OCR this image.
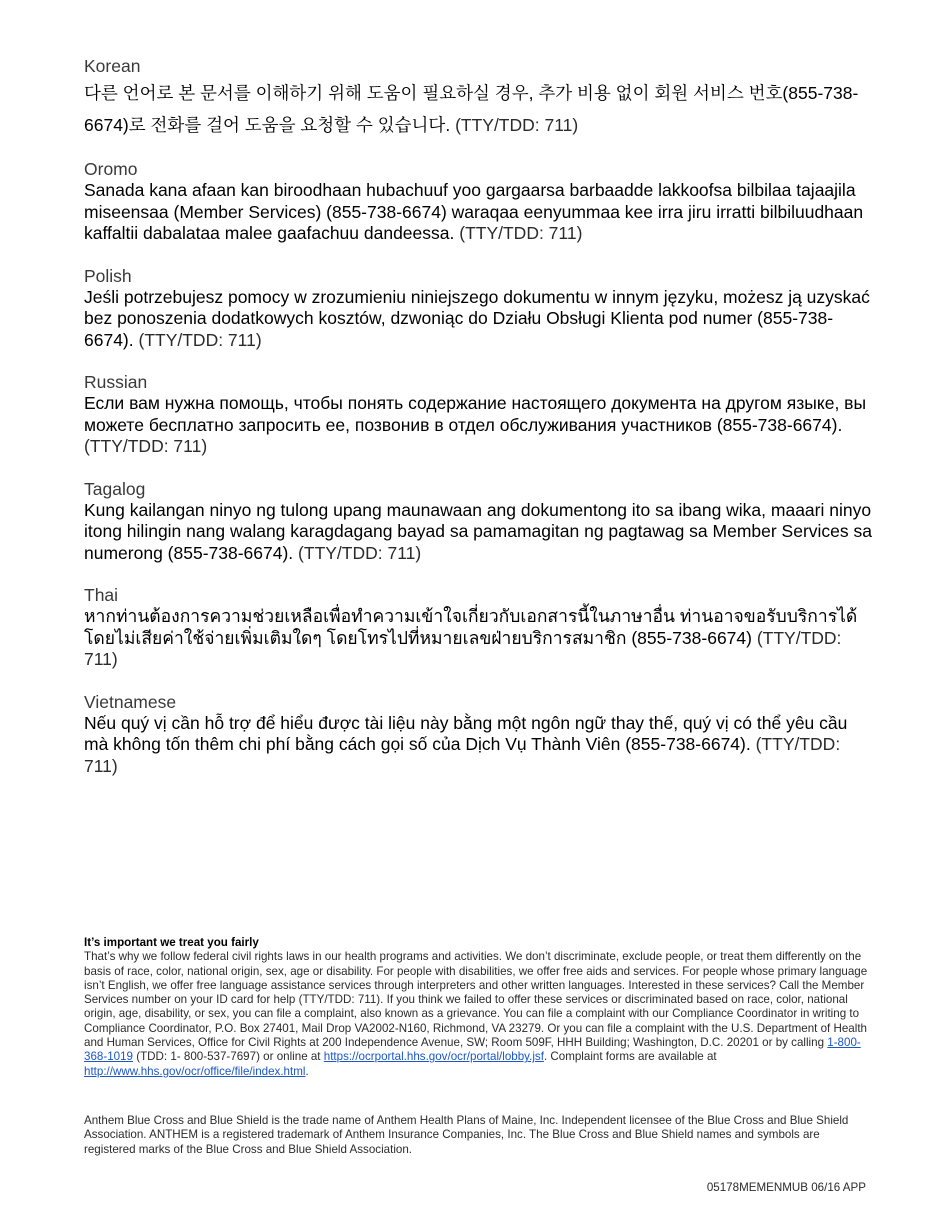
Korean

다른 언어로 본 문서를 이해하기 위해 도움이 필요하실 경우, 추가 비용 없이 회원 서비스 번호(855-738-6674)로 전화를 걸어 도움을 요청할 수 있습니다. (TTY/TDD: 711)

Oromo

Sanada kana afaan kan biroodhaan hubachuuf yoo gargaarsa barbaadde lakkoofsa bilbilaa tajaajila miseensaa (Member Services) (855-738-6674) waraqaa eenyummaa kee irra jiru irratti bilbiluudhaan kaffaltii dabalataa malee gaafachuu dandeessa. (TTY/TDD: 711)

Polish

Jeśli potrzebujesz pomocy w zrozumieniu niniejszego dokumentu w innym języku, możesz ją uzyskać bez ponoszenia dodatkowych kosztów, dzwoniąc do Działu Obsługi Klienta pod numer (855-738-6674). (TTY/TDD: 711)

Russian

Если вам нужна помощь, чтобы понять содержание настоящего документа на другом языке, вы можете бесплатно запросить ее, позвонив в отдел обслуживания участников (855-738-6674). (TTY/TDD: 711)

Tagalog

Kung kailangan ninyo ng tulong upang maunawaan ang dokumentong ito sa ibang wika, maaari ninyo itong hilingin nang walang karagdagang bayad sa pamamagitan ng pagtawag sa Member Services sa numerong (855-738-6674). (TTY/TDD: 711)

Thai

หากท่านต้องการความช่วยเหลือเพื่อทำความเข้าใจเกี่ยวกับเอกสารนี้ในภาษาอื่น ท่านอาจขอรับบริการได้โดยไม่เสียค่าใช้จ่ายเพิ่มเติมใดๆ โดยโทรไปที่หมายเลขฝ่ายบริการสมาชิก (855-738-6674) (TTY/TDD: 711)

Vietnamese

Nếu quý vị cần hỗ trợ để hiểu được tài liệu này bằng một ngôn ngữ thay thế, quý vị có thể yêu cầu mà không tốn thêm chi phí bằng cách gọi số của Dịch Vụ Thành Viên (855-738-6674). (TTY/TDD: 711)

It’s important we treat you fairly

That’s why we follow federal civil rights laws in our health programs and activities. We don’t discriminate, exclude people, or treat them differently on the basis of race, color, national origin, sex, age or disability. For people with disabilities, we offer free aids and services. For people whose primary language isn’t English, we offer free language assistance services through interpreters and other written languages. Interested in these services? Call the Member Services number on your ID card for help (TTY/TDD: 711). If you think we failed to offer these services or discriminated based on race, color, national origin, age, disability, or sex, you can file a complaint, also known as a grievance. You can file a complaint with our Compliance Coordinator in writing to Compliance Coordinator, P.O. Box 27401, Mail Drop VA2002-N160, Richmond, VA 23279. Or you can file a complaint with the U.S. Department of Health and Human Services, Office for Civil Rights at 200 Independence Avenue, SW; Room 509F, HHH Building; Washington, D.C. 20201 or by calling 1-800-368-1019 (TDD: 1- 800-537-7697) or online at https://ocrportal.hhs.gov/ocr/portal/lobby.jsf. Complaint forms are available at http://www.hhs.gov/ocr/office/file/index.html.

Anthem Blue Cross and Blue Shield is the trade name of Anthem Health Plans of Maine, Inc. Independent licensee of the Blue Cross and Blue Shield Association. ANTHEM is a registered trademark of Anthem Insurance Companies, Inc. The Blue Cross and Blue Shield names and symbols are registered marks of the Blue Cross and Blue Shield Association.

05178MEMENMUB 06/16 APP
